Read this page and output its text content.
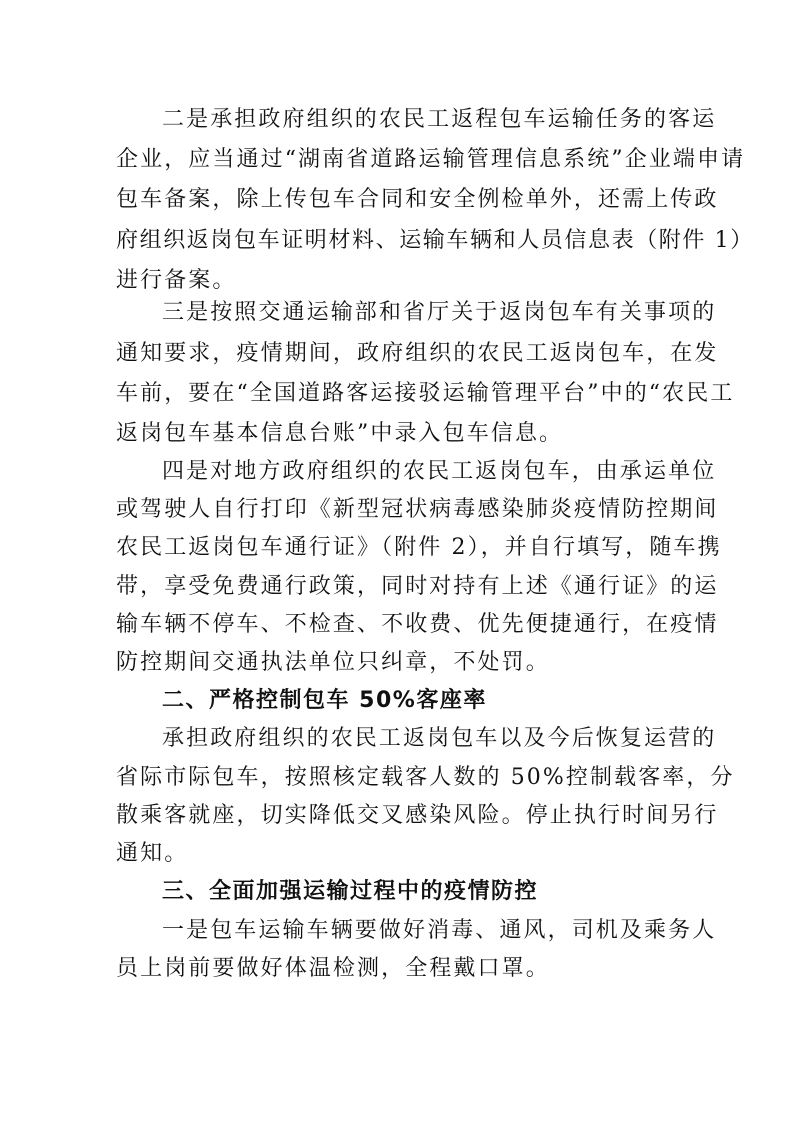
二是承担政府组织的农民工返程包车运输任务的客运
企业，应当通过“湖南省道路运输管理信息系统”企业端申请
包车备案，除上传包车合同和安全例检单外，还需上传政
府组织返岗包车证明材料、运输车辆和人员信息表（附件 1）
进行备案。
三是按照交通运输部和省厅关于返岗包车有关事项的
通知要求，疫情期间，政府组织的农民工返岗包车，在发
车前，要在“全国道路客运接驳运输管理平台”中的“农民工
返岗包车基本信息台账”中录入包车信息。
四是对地方政府组织的农民工返岗包车，由承运单位
或驾驶人自行打印《新型冠状病毒感染肺炎疫情防控期间
农民工返岗包车通行证》（附件 2），并自行填写，随车携
带，享受免费通行政策，同时对持有上述《通行证》的运
输车辆不停车、不检查、不收费、优先便捷通行，在疫情
防控期间交通执法单位只纠章，不处罚。
二、严格控制包车 50%客座率
承担政府组织的农民工返岗包车以及今后恢复运营的
省际市际包车，按照核定载客人数的 50%控制载客率，分
散乘客就座，切实降低交叉感染风险。停止执行时间另行
通知。
三、全面加强运输过程中的疫情防控
一是包车运输车辆要做好消毒、通风，司机及乘务人
员上岗前要做好体温检测，全程戴口罩。
